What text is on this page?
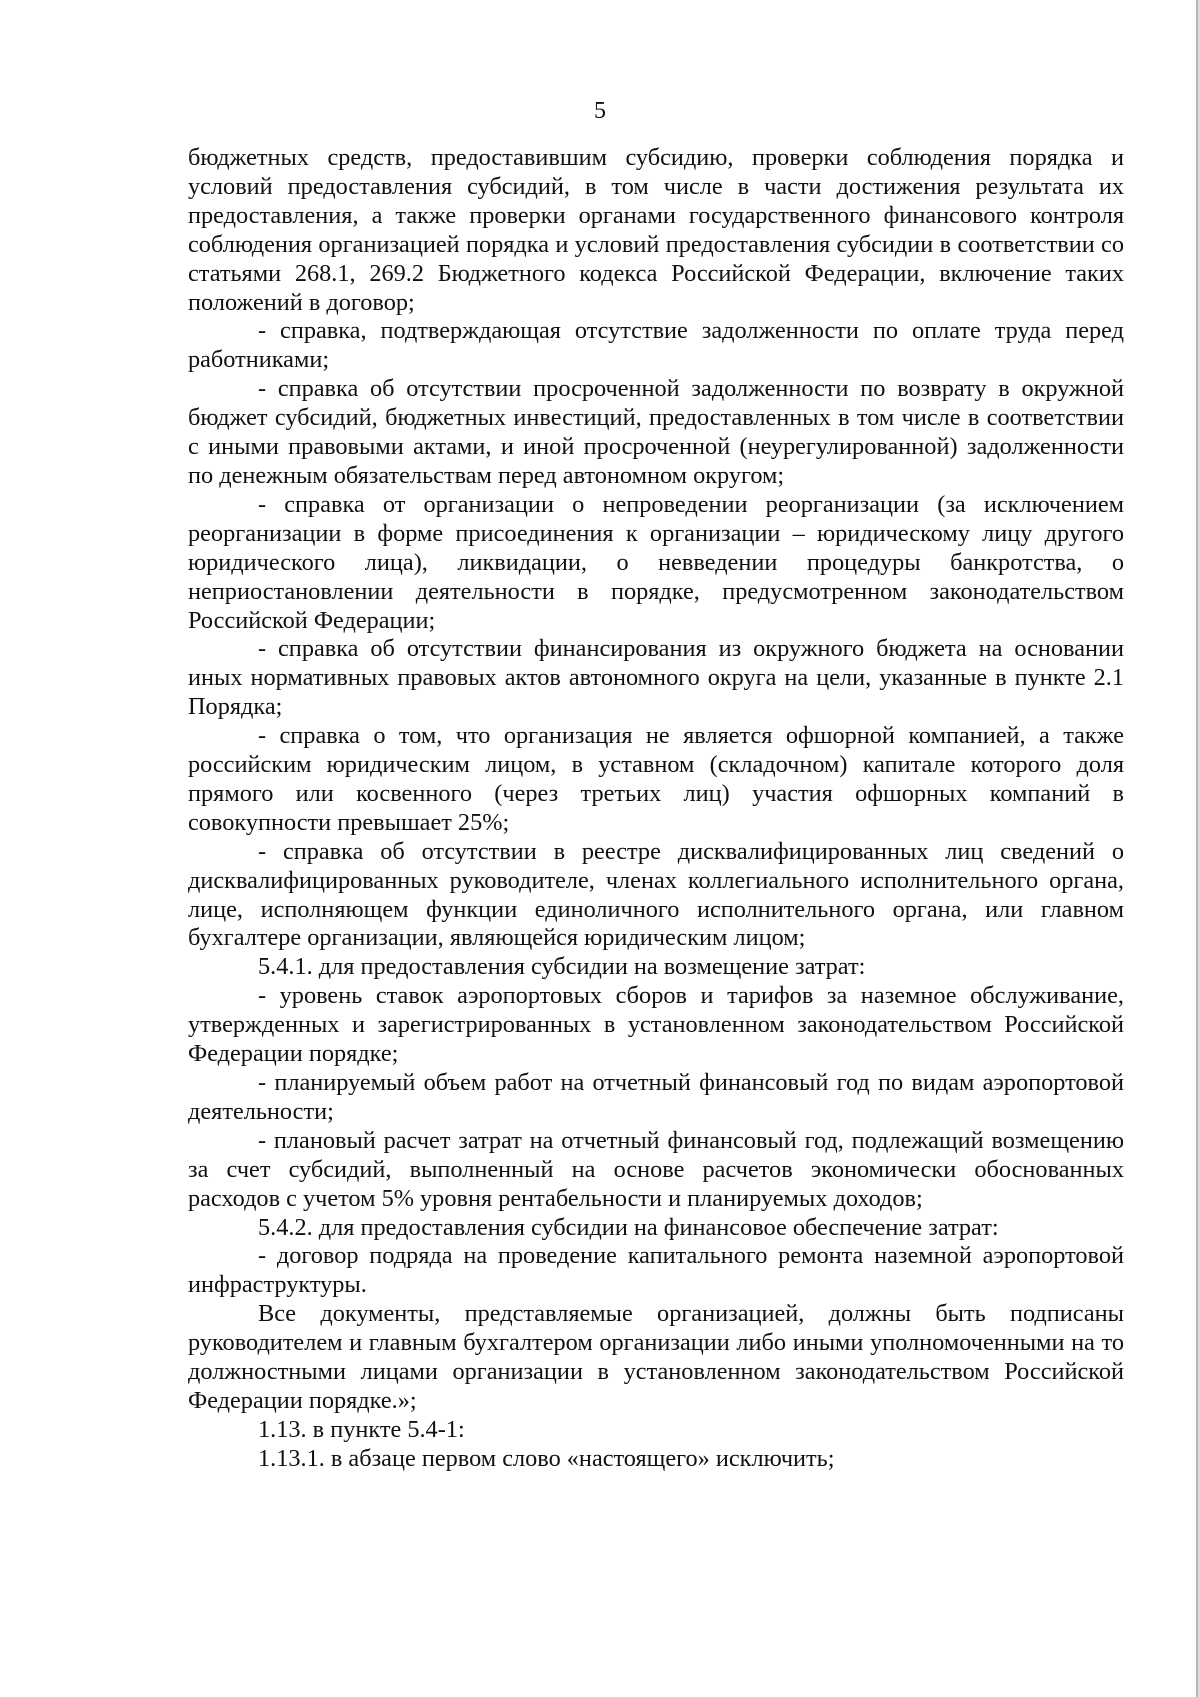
5

бюджетных средств, предоставившим субсидию, проверки соблюдения порядка и условий предоставления субсидий, в том числе в части достижения результата их предоставления, а также проверки органами государственного финансового контроля соблюдения организацией порядка и условий предоставления субсидии в соответствии со статьями 268.1, 269.2 Бюджетного кодекса Российской Федерации, включение таких положений в договор;

- справка, подтверждающая отсутствие задолженности по оплате труда перед работниками;

- справка об отсутствии просроченной задолженности по возврату в окружной бюджет субсидий, бюджетных инвестиций, предоставленных в том числе в соответствии с иными правовыми актами, и иной просроченной (неурегулированной) задолженности по денежным обязательствам перед автономном округом;

- справка от организации о непроведении реорганизации (за исключением реорганизации в форме присоединения к организации – юридическому лицу другого юридического лица), ликвидации, о невведении процедуры банкротства, о неприостановлении деятельности в порядке, предусмотренном законодательством Российской Федерации;

- справка об отсутствии финансирования из окружного бюджета на основании иных нормативных правовых актов автономного округа на цели, указанные в пункте 2.1 Порядка;

- справка о том, что организация не является офшорной компанией, а также российским юридическим лицом, в уставном (складочном) капитале которого доля прямого или косвенного (через третьих лиц) участия офшорных компаний в совокупности превышает 25%;

- справка об отсутствии в реестре дисквалифицированных лиц сведений о дисквалифицированных руководителе, членах коллегиального исполнительного органа, лице, исполняющем функции единоличного исполнительного органа, или главном бухгалтере организации, являющейся юридическим лицом;

5.4.1. для предоставления субсидии на возмещение затрат:

- уровень ставок аэропортовых сборов и тарифов за наземное обслуживание, утвержденных и зарегистрированных в установленном законодательством Российской Федерации порядке;

- планируемый объем работ на отчетный финансовый год по видам аэропортовой деятельности;

- плановый расчет затрат на отчетный финансовый год, подлежащий возмещению за счет субсидий, выполненный на основе расчетов экономически обоснованных расходов с учетом 5% уровня рентабельности и планируемых доходов;

5.4.2. для предоставления субсидии на финансовое обеспечение затрат:

- договор подряда на проведение капитального ремонта наземной аэропортовой инфраструктуры.

Все документы, представляемые организацией, должны быть подписаны руководителем и главным бухгалтером организации либо иными уполномоченными на то должностными лицами организации в установленном законодательством Российской Федерации порядке.»;

1.13. в пункте 5.4-1:

1.13.1. в абзаце первом слово «настоящего» исключить;
